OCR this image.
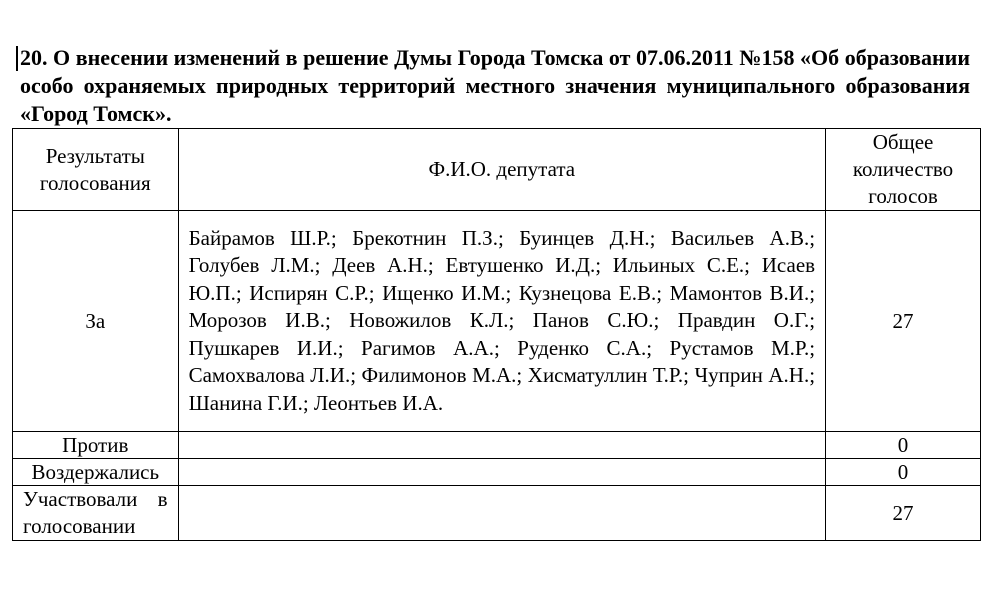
20. О внесении изменений в решение Думы Города Томска от 07.06.2011 №158 «Об образовании особо охраняемых природных территорий местного значения муниципального образования «Город Томск».

Результаты голосования	Ф.И.О. депутата	Общее количество голосов
За	Байрамов Ш.Р.; Брекотнин П.З.; Буинцев Д.Н.; Васильев А.В.; Голубев Л.М.; Деев А.Н.; Евтушенко И.Д.; Ильиных С.Е.; Исаев Ю.П.; Испирян С.Р.; Ищенко И.М.; Кузнецова Е.В.; Мамонтов В.И.; Морозов И.В.; Новожилов К.Л.; Панов С.Ю.; Правдин О.Г.; Пушкарев И.И.; Рагимов А.А.; Руденко С.А.; Рустамов М.Р.; Самохвалова Л.И.; Филимонов М.А.; Хисматуллин Т.Р.; Чуприн А.Н.; Шанина Г.И.; Леонтьев И.А.	27
Против		0
Воздержались		0
Участвовали в голосовании		27
